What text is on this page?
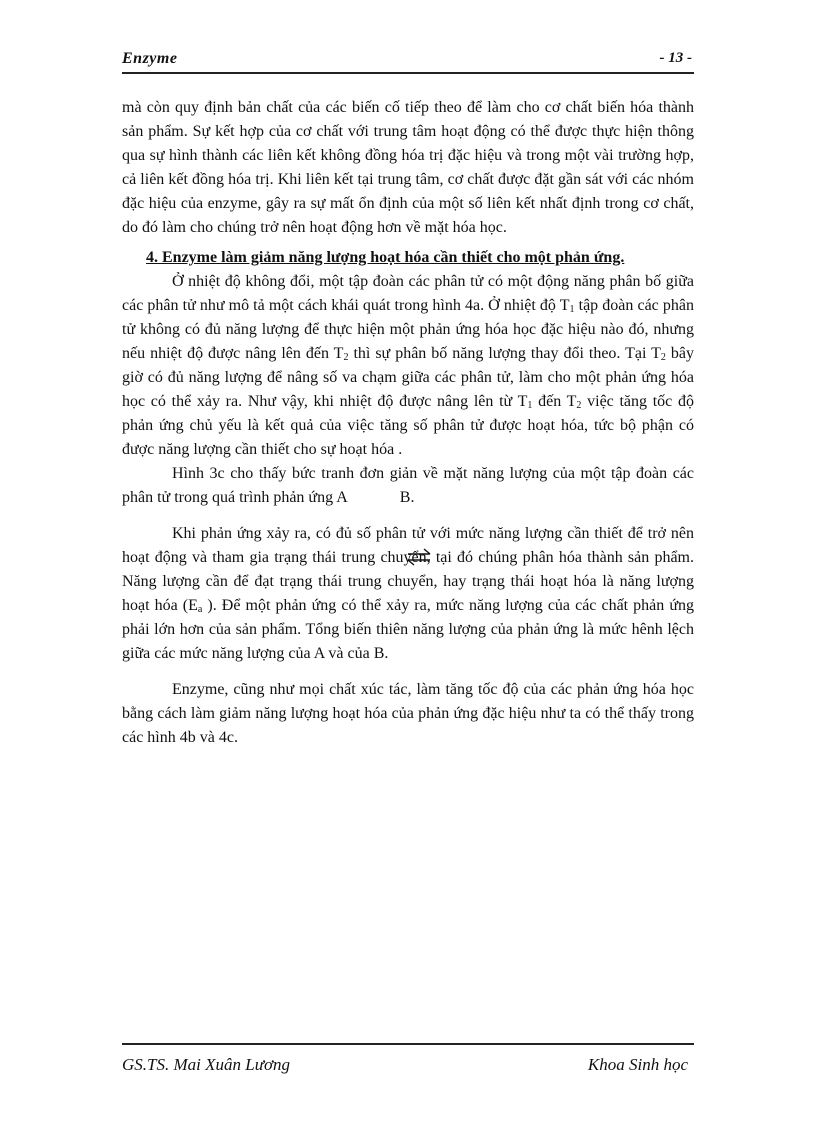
Enzyme	- 13 -

mà còn quy định bản chất của các biến cố tiếp theo để làm cho cơ chất biến hóa thành sản phẩm. Sự kết hợp của cơ chất với trung tâm hoạt động có thể được thực hiện thông qua sự hình thành các liên kết không đồng hóa trị đặc hiệu và trong một vài trường hợp, cả liên kết đồng hóa trị. Khi liên kết tại trung tâm, cơ chất được đặt gần sát với các nhóm đặc hiệu của enzyme, gây ra sự mất ổn định của một số liên kết nhất định trong cơ chất, do đó làm cho chúng trở nên hoạt động hơn về mặt hóa học.

4. Enzyme làm giảm năng lượng hoạt hóa cần thiết cho một phản ứng.

Ở nhiệt độ không đổi, một tập đoàn các phân tử có một động năng phân bố giữa các phân tử như mô tả một cách khái quát trong hình 4a. Ở nhiệt độ $T_1$ tập đoàn các phân tử không có đủ năng lượng để thực hiện một phản ứng hóa học đặc hiệu nào đó, nhưng nếu nhiệt độ được nâng lên đến $T_2$ thì sự phân bố năng lượng thay đổi theo. Tại $T_2$ bây giờ có đủ năng lượng để nâng số va chạm giữa các phân tử, làm cho một phản ứng hóa học có thể xảy ra. Như vậy, khi nhiệt độ được nâng lên từ $T_1$ đến $T_2$ việc tăng tốc độ phản ứng chủ yếu là kết quả của việc tăng số phân tử được hoạt hóa, tức bộ phận có được năng lượng cần thiết cho sự hoạt hóa .

Hình 3c cho thấy bức tranh đơn giản về mặt năng lượng của một tập đoàn các phân tử trong quá trình phản ứng A	B.

Khi phản ứng xảy ra, có đủ số phân tử với mức năng lượng cần thiết để trở nên hoạt động và tham gia trạng thái trung chuyển, tại đó chúng phân hóa thành sản phẩm. Năng lượng cần để đạt trạng thái trung chuyển, hay trạng thái hoạt hóa là năng lượng hoạt hóa ($E_a$ ). Để một phản ứng có thể xảy ra, mức năng lượng của các chất phản ứng phải lớn hơn của sản phẩm. Tổng biến thiên năng lượng của phản ứng là mức hênh lệch giữa các mức năng lượng của A và của B.

Enzyme, cũng như mọi chất xúc tác, làm tăng tốc độ của các phản ứng hóa học bằng cách làm giảm năng lượng hoạt hóa của phản ứng đặc hiệu như ta có thể thấy trong các hình 4b và 4c.

GS.TS. Mai Xuân Lương	Khoa Sinh học
